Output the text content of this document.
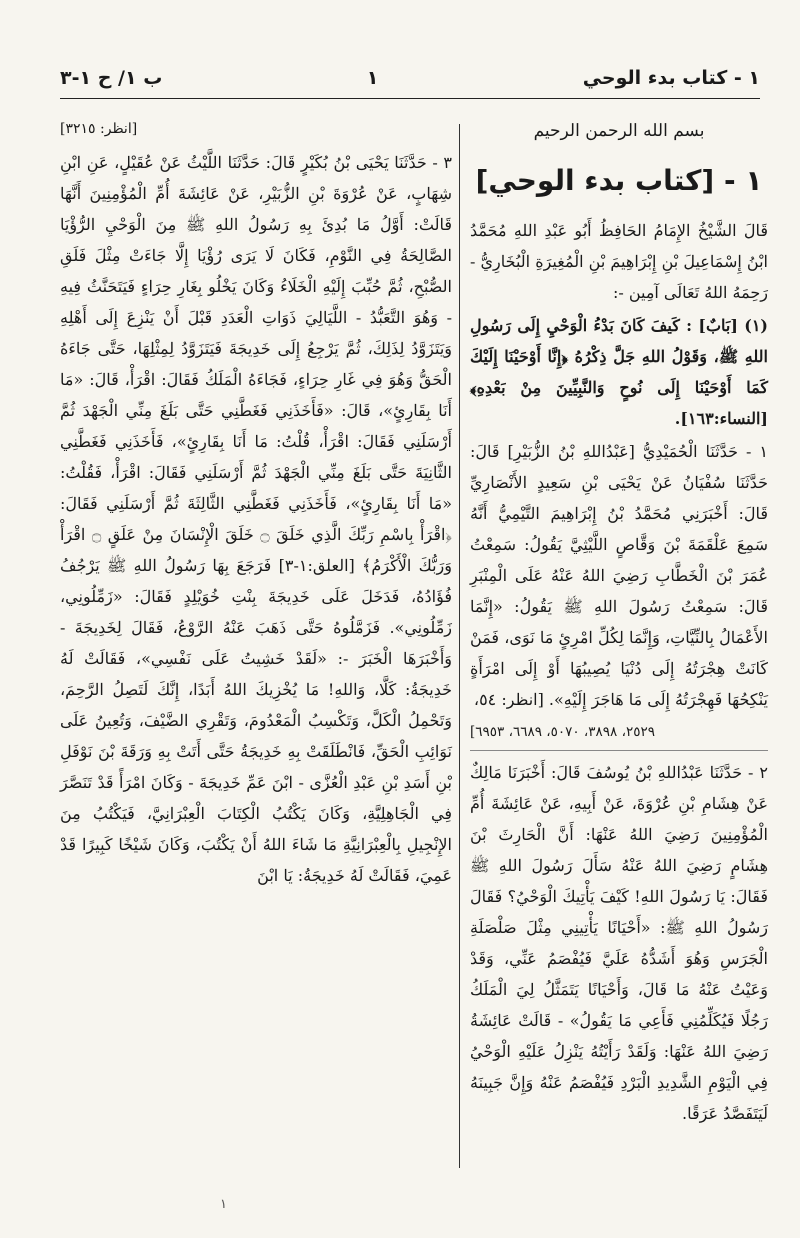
١ - كتاب بدء الوحي
١
ب ١/ ح ١-٣
بسم الله الرحمن الرحيم
١ - [كتاب بدء الوحي]

قَالَ الشَّيْخُ الإِمَامُ الحَافِظُ أَبُو عَبْدِ اللهِ مُحَمَّدُ ابْنُ إِسْمَاعِيلَ بْنِ إِبْرَاهِيمَ بْنِ الْمُغِيرَةِ الْبُخَارِيُّ - رَحِمَهُ اللهُ تَعَالَى آمِين -:

(١) [بَابٌ] : كَيفَ كَانَ بَدْءُ الْوَحْيِ إِلَى رَسُولِ اللهِ ﷺ، وَقَوْلُ اللهِ جَلَّ ذِكْرُهُ ﴿إِنَّا أَوْحَيْنَا إِلَيْكَ كَمَا أَوْحَيْنَا إِلَى نُوحٍ وَالنَّبِيِّينَ مِنْ بَعْدِهِ﴾ [النساء:١٦٣].

١ - حَدَّثَنَا الْحُمَيْدِيُّ [عَبْدُاللهِ بْنُ الزُّبَيْرِ] قَالَ: حَدَّثَنَا سُفْيَانُ عَنْ يَحْيَى بْنِ سَعِيدٍ الأَنْصَارِيِّ قَالَ: أَخْبَرَنِي مُحَمَّدُ بْنُ إِبْرَاهِيمَ التَّيْمِيُّ أَنَّهُ سَمِعَ عَلْقَمَةَ بْنَ وَقَّاصٍ اللَّيْثِيَّ يَقُولُ: سَمِعْتُ عُمَرَ بْنَ الْخَطَّابِ رَضِيَ اللهُ عَنْهُ عَلَى الْمِنْبَرِ قَالَ: سَمِعْتُ رَسُولَ اللهِ ﷺ يَقُولُ: «إِنَّمَا الأَعْمَالُ بِالنِّيَّاتِ، وَإِنَّمَا لِكُلِّ امْرِئٍ مَا نَوَى، فَمَنْ كَانَتْ هِجْرَتُهُ إِلَى دُنْيَا يُصِيبُهَا أَوْ إِلَى امْرَأَةٍ يَنْكِحُهَا فَهِجْرَتُهُ إِلَى مَا هَاجَرَ إِلَيْهِ». [انظر: ٥٤،

٢٥٢٩، ٣٨٩٨، ٥٠٧٠، ٦٦٨٩، ٦٩٥٣]

٢ - حَدَّثَنَا عَبْدُاللهِ بْنُ يُوسُفَ قَالَ: أَخْبَرَنَا مَالِكٌ عَنْ هِشَامِ بْنِ عُرْوَةَ، عَنْ أَبِيهِ، عَنْ عَائِشَةَ أُمِّ الْمُؤْمِنِينَ رَضِيَ اللهُ عَنْهَا: أَنَّ الْحَارِثَ بْنَ هِشَامٍ رَضِيَ اللهُ عَنْهُ سَأَلَ رَسُولَ اللهِ ﷺ فَقَالَ: يَا رَسُولَ اللهِ! كَيْفَ يَأْتِيكَ الْوَحْيُ؟ فَقَالَ رَسُولُ اللهِ ﷺ: «أَحْيَانًا يَأْتِينِي مِثْلَ صَلْصَلَةِ الْجَرَسِ وَهُوَ أَشَدُّهُ عَلَيَّ فَيُفْصَمُ عَنِّي، وَقَدْ وَعَيْتُ عَنْهُ مَا قَالَ، وَأَحْيَانًا يَتَمَثَّلُ لِيَ الْمَلَكُ رَجُلًا فَيُكَلِّمُنِي فَأَعِي مَا يَقُولُ» - قَالَتْ عَائِشَةُ رَضِيَ اللهُ عَنْهَا: وَلَقَدْ رَأَيْتُهُ يَنْزِلُ عَلَيْهِ الْوَحْيُ فِي الْيَوْمِ الشَّدِيدِ الْبَرْدِ فَيُفْصَمُ عَنْهُ وَإِنَّ جَبِينَهُ لَيَتَفَصَّدُ عَرَقًا.

[انظر: ٣٢١٥]

٣ - حَدَّثَنَا يَحْيَى بْنُ بُكَيْرٍ قَالَ: حَدَّثَنَا اللَّيْثُ عَنْ عُقَيْلٍ، عَنِ ابْنِ شِهَابٍ، عَنْ عُرْوَةَ بْنِ الزُّبَيْرِ، عَنْ عَائِشَةَ أُمِّ الْمُؤْمِنِينَ أَنَّهَا قَالَتْ: أَوَّلُ مَا بُدِئَ بِهِ رَسُولُ اللهِ ﷺ مِنَ الْوَحْيِ الرُّؤْيَا الصَّالِحَةُ فِي النَّوْمِ، فَكَانَ لَا يَرَى رُؤْيَا إِلَّا جَاءَتْ مِثْلَ فَلَقِ الصُّبْحِ، ثُمَّ حُبِّبَ إِلَيْهِ الْخَلَاءُ وَكَانَ يَخْلُو بِغَارِ حِرَاءٍ فَيَتَحَنَّثُ فِيهِ - وَهُوَ التَّعَبُّدُ - اللَّيَالِيَ ذَوَاتِ الْعَدَدِ قَبْلَ أَنْ يَنْزِعَ إِلَى أَهْلِهِ وَيَتَزَوَّدُ لِذَلِكَ، ثُمَّ يَرْجِعُ إِلَى خَدِيجَةَ فَيَتَزَوَّدُ لِمِثْلِهَا، حَتَّى جَاءَهُ الْحَقُّ وَهُوَ فِي غَارِ حِرَاءٍ، فَجَاءَهُ الْمَلَكُ فَقَالَ: اقْرَأْ، قَالَ: «مَا أَنَا بِقَارِئٍ»، قَالَ: «فَأَخَذَنِي فَغَطَّنِي حَتَّى بَلَغَ مِنِّي الْجَهْدَ ثُمَّ أَرْسَلَنِي فَقَالَ: اقْرَأْ، قُلْتُ: مَا أَنَا بِقَارِئٍ»، فَأَخَذَنِي فَغَطَّنِي الثَّانِيَةَ حَتَّى بَلَغَ مِنِّي الْجَهْدَ ثُمَّ أَرْسَلَنِي فَقَالَ: اقْرَأْ، فَقُلْتُ: «مَا أَنَا بِقَارِئٍ»، فَأَخَذَنِي فَغَطَّنِي الثَّالِثَةَ ثُمَّ أَرْسَلَنِي فَقَالَ: ﴿اقْرَأْ بِاسْمِ رَبِّكَ الَّذِي خَلَقَ ۝ خَلَقَ الْإِنْسَانَ مِنْ عَلَقٍ ۝ اقْرَأْ وَرَبُّكَ الْأَكْرَمُ﴾ [العلق:١-٣] فَرَجَعَ بِهَا رَسُولُ اللهِ ﷺ يَرْجُفُ فُؤَادُهُ، فَدَخَلَ عَلَى خَدِيجَةَ بِنْتِ خُوَيْلِدٍ فَقَالَ: «زَمِّلُونِي، زَمِّلُونِي». فَزَمَّلُوهُ حَتَّى ذَهَبَ عَنْهُ الرَّوْعُ، فَقَالَ لِخَدِيجَةَ - وَأَخْبَرَهَا الْخَبَرَ -: «لَقَدْ خَشِيتُ عَلَى نَفْسِي»، فَقَالَتْ لَهُ خَدِيجَةُ: كَلَّا، وَاللهِ! مَا يُخْزِيكَ اللهُ أَبَدًا، إِنَّكَ لَتَصِلُ الرَّحِمَ، وَتَحْمِلُ الْكَلَّ، وَتَكْسِبُ الْمَعْدُومَ، وَتَقْرِي الضَّيْفَ، وَتُعِينُ عَلَى نَوَائِبِ الْحَقِّ، فَانْطَلَقَتْ بِهِ خَدِيجَةُ حَتَّى أَتَتْ بِهِ وَرَقَةَ بْنَ نَوْفَلِ بْنِ أَسَدِ بْنِ عَبْدِ الْعُزَّى - ابْنَ عَمِّ خَدِيجَةَ - وَكَانَ امْرَأً قَدْ تَنَصَّرَ فِي الْجَاهِلِيَّةِ، وَكَانَ يَكْتُبُ الْكِتَابَ الْعِبْرَانِيَّ، فَيَكْتُبُ مِنَ الإِنْجِيلِ بِالْعِبْرَانِيَّةِ مَا شَاءَ اللهُ أَنْ يَكْتُبَ، وَكَانَ شَيْخًا كَبِيرًا قَدْ عَمِيَ، فَقَالَتْ لَهُ خَدِيجَةُ: يَا ابْنَ

١
